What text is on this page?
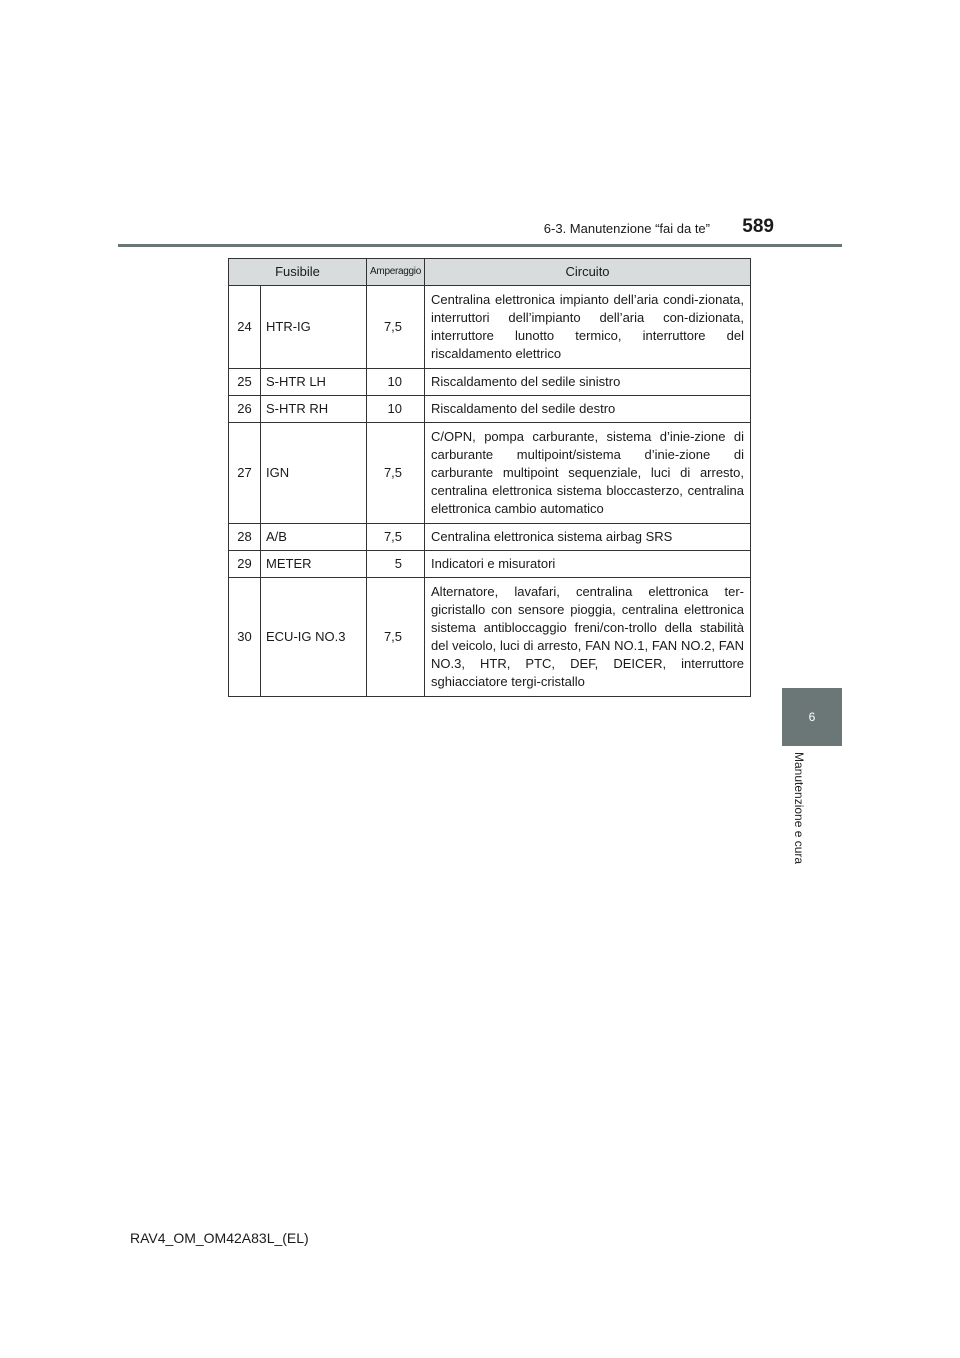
6-3. Manutenzione “fai da te”	589
6
Manutenzione e cura
Fusibile		Amperaggio	Circuito
24	HTR-IG	7,5	Centralina elettronica impianto dell’aria condi-zionata, interruttori dell’impianto dell’aria con-dizionata, interruttore lunotto termico, interruttore del riscaldamento elettrico
25	S-HTR LH	10	Riscaldamento del sedile sinistro
26	S-HTR RH	10	Riscaldamento del sedile destro
27	IGN	7,5	C/OPN, pompa carburante, sistema d’inie-zione di carburante multipoint/sistema d’inie-zione di carburante multipoint sequenziale, luci di arresto, centralina elettronica sistema bloccasterzo, centralina elettronica cambio automatico
28	A/B	7,5	Centralina elettronica sistema airbag SRS
29	METER	5	Indicatori e misuratori
30	ECU-IG NO.3	7,5	Alternatore, lavafari, centralina elettronica ter-gicristallo con sensore pioggia, centralina elettronica sistema antibloccaggio freni/con-trollo della stabilità del veicolo, luci di arresto, FAN NO.1, FAN NO.2, FAN NO.3, HTR, PTC, DEF, DEICER, interruttore sghiacciatore tergi-cristallo
RAV4_OM_OM42A83L_(EL)
